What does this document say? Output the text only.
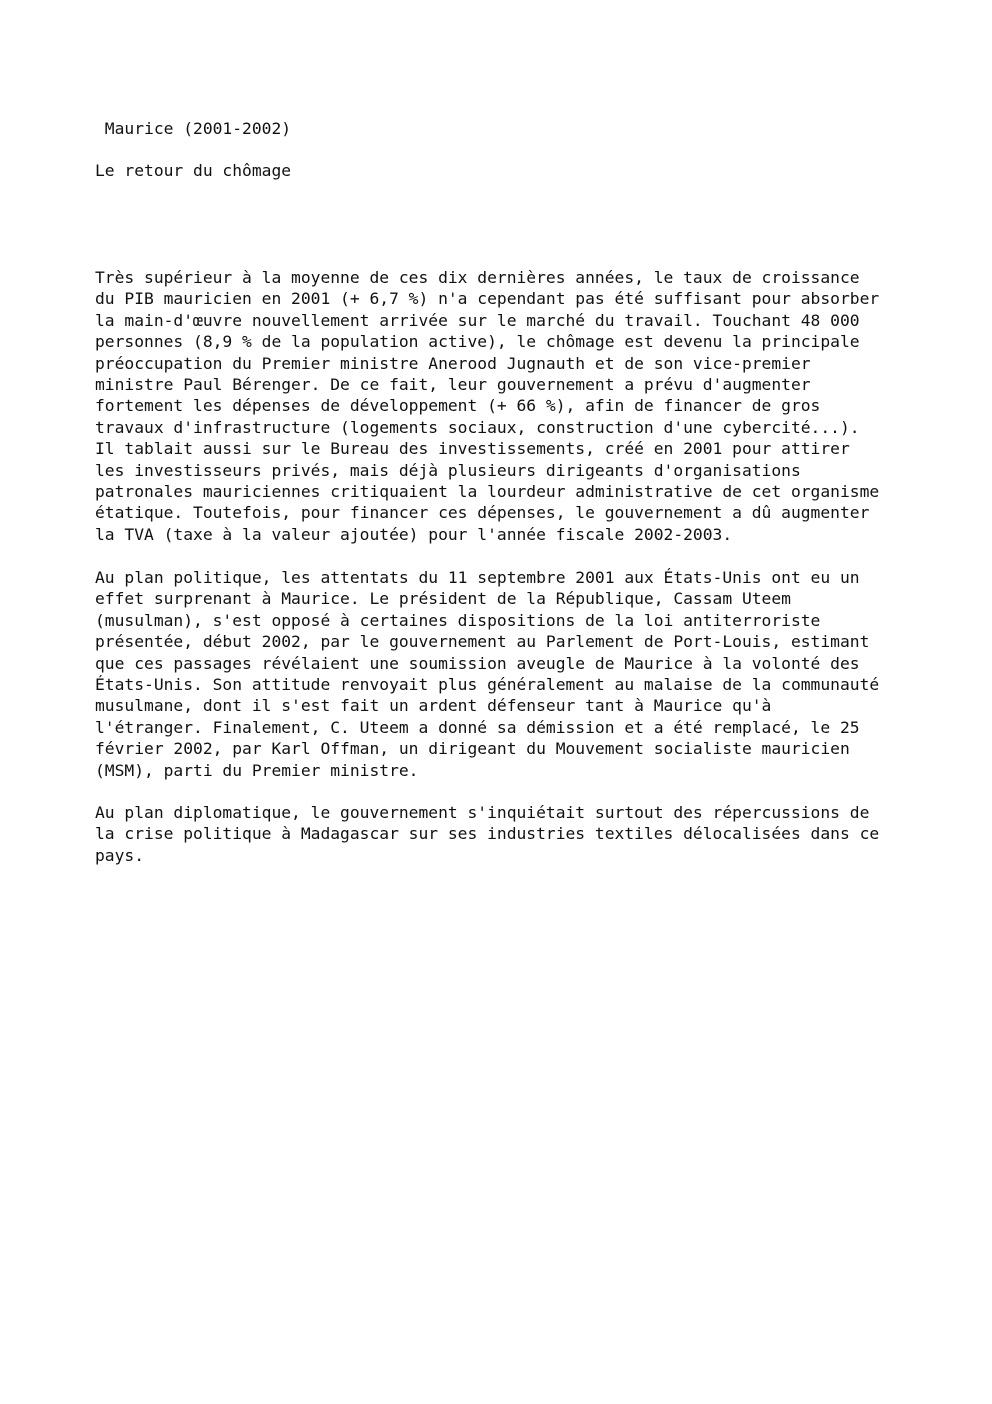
Maurice (2001-2002)
Le retour du chômage
Très supérieur à la moyenne de ces dix dernières années, le taux de croissance
du PIB mauricien en 2001 (+ 6,7 %) n'a cependant pas été suffisant pour absorber
la main-d'œuvre nouvellement arrivée sur le marché du travail. Touchant 48 000
personnes (8,9 % de la population active), le chômage est devenu la principale
préoccupation du Premier ministre Anerood Jugnauth et de son vice-premier
ministre Paul Bérenger. De ce fait, leur gouvernement a prévu d'augmenter
fortement les dépenses de développement (+ 66 %), afin de financer de gros
travaux d'infrastructure (logements sociaux, construction d'une cybercité...).
Il tablait aussi sur le Bureau des investissements, créé en 2001 pour attirer
les investisseurs privés, mais déjà plusieurs dirigeants d'organisations
patronales mauriciennes critiquaient la lourdeur administrative de cet organisme
étatique. Toutefois, pour financer ces dépenses, le gouvernement a dû augmenter
la TVA (taxe à la valeur ajoutée) pour l'année fiscale 2002-2003.
Au plan politique, les attentats du 11 septembre 2001 aux États-Unis ont eu un
effet surprenant à Maurice. Le président de la République, Cassam Uteem
(musulman), s'est opposé à certaines dispositions de la loi antiterroriste
présentée, début 2002, par le gouvernement au Parlement de Port-Louis, estimant
que ces passages révélaient une soumission aveugle de Maurice à la volonté des
États-Unis. Son attitude renvoyait plus généralement au malaise de la communauté
musulmane, dont il s'est fait un ardent défenseur tant à Maurice qu'à
l'étranger. Finalement, C. Uteem a donné sa démission et a été remplacé, le 25
février 2002, par Karl Offman, un dirigeant du Mouvement socialiste mauricien
(MSM), parti du Premier ministre.
Au plan diplomatique, le gouvernement s'inquiétait surtout des répercussions de
la crise politique à Madagascar sur ses industries textiles délocalisées dans ce
pays.
